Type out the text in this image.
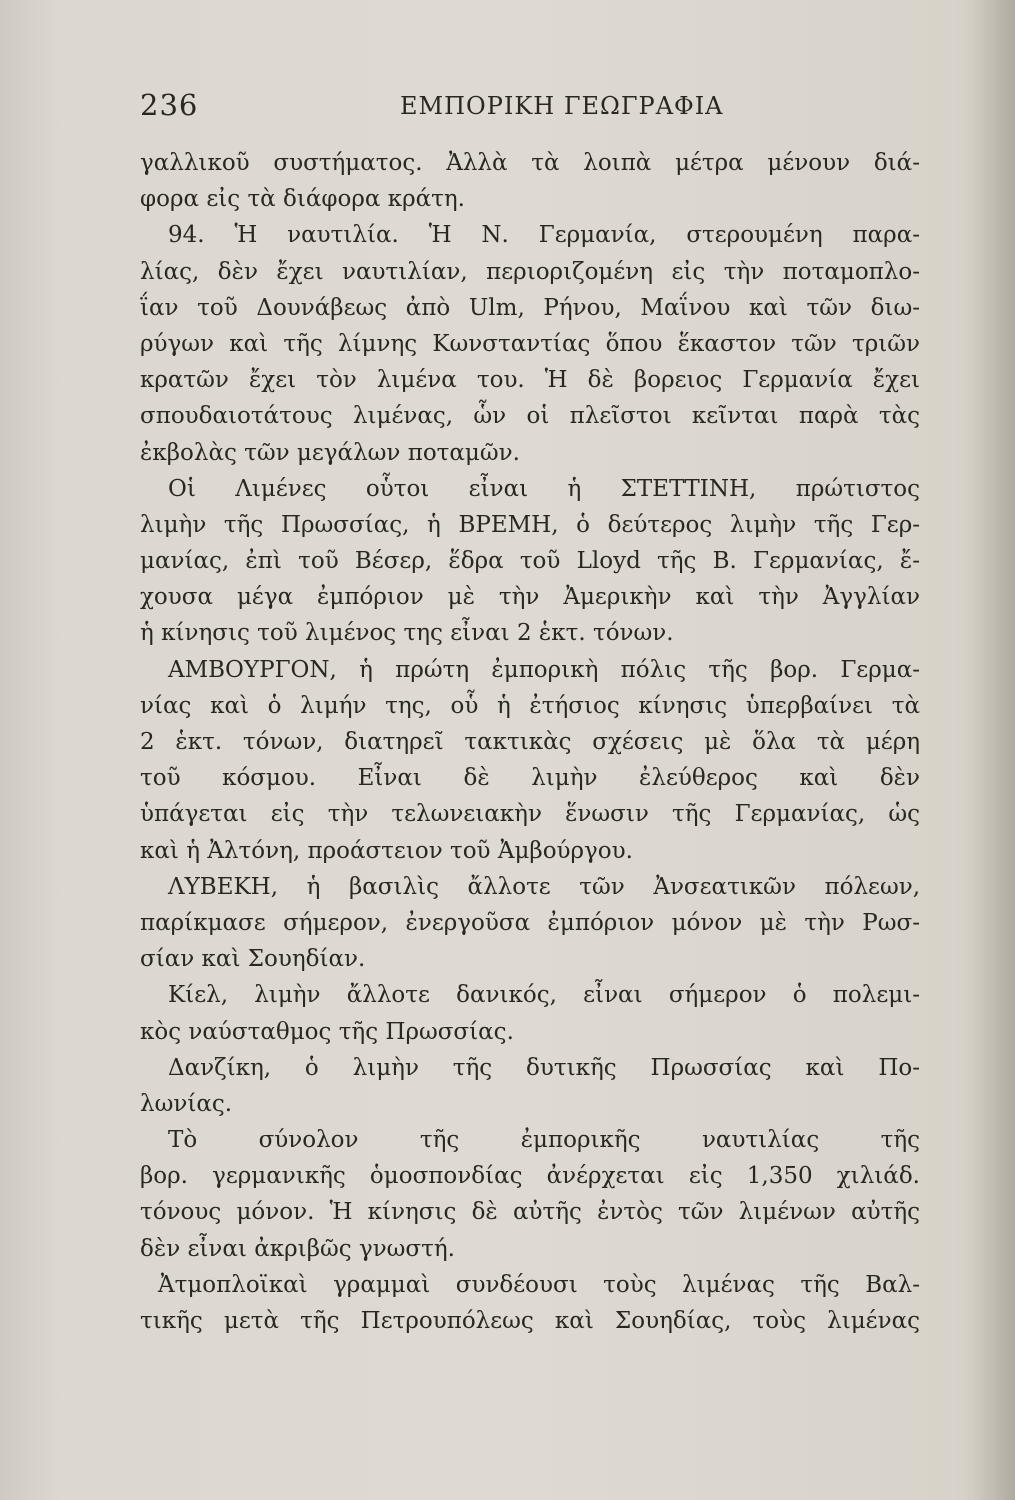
236	ΕΜΠΟΡΙΚΗ ΓΕΩΓΡΑΦΙΑ
γαλλικοῦ συστήματος. Ἀλλὰ τὰ λοιπὰ μέτρα μένουν διά-
φορα εἰς τὰ διάφορα κράτη.
94. Ἡ ναυτιλία. Ἡ Ν. Γερμανία, στερουμένη παρα-
λίας, δὲν ἔχει ναυτιλίαν, περιοριζομένη εἰς τὴν ποταμοπλο-
ΐαν τοῦ Δουνάβεως ἀπὸ Ulm, Ρήνου, Μαΐνου καὶ τῶν διω-
ρύγων καὶ τῆς λίμνης Κωνσταντίας ὅπου ἕκαστον τῶν τριῶν
κρατῶν ἔχει τὸν λιμένα του. Ἡ δὲ βορειος Γερμανία ἔχει
σπουδαιοτάτους λιμένας, ὧν οἱ πλεῖστοι κεῖνται παρὰ τὰς
ἐκβολὰς τῶν μεγάλων ποταμῶν.
Οἱ Λιμένες οὗτοι εἶναι ἡ ΣΤΕΤΤΙΝΗ, πρώτιστος
λιμὴν τῆς Πρωσσίας, ἡ ΒΡΕΜΗ, ὁ δεύτερος λιμὴν τῆς Γερ-
μανίας, ἐπὶ τοῦ Βέσερ, ἕδρα τοῦ Lloyd τῆς Β. Γερμανίας, ἔ-
χουσα μέγα ἐμπόριον μὲ τὴν Ἀμερικὴν καὶ τὴν Ἀγγλίαν
ἡ κίνησις τοῦ λιμένος της εἶναι 2 ἑκτ. τόνων.
ΑΜΒΟΥΡΓΟΝ, ἡ πρώτη ἐμπορικὴ πόλις τῆς βορ. Γερμα-
νίας καὶ ὁ λιμήν της, οὗ ἡ ἐτήσιος κίνησις ὑπερβαίνει τὰ
2 ἑκτ. τόνων, διατηρεῖ τακτικὰς σχέσεις μὲ ὅλα τὰ μέρη
τοῦ κόσμου. Εἶναι δὲ λιμὴν ἐλεύθερος καὶ δὲν
ὑπάγεται εἰς τὴν τελωνειακὴν ἕνωσιν τῆς Γερμανίας, ὡς
καὶ ἡ Ἀλτόνη, προάστειον τοῦ Ἀμβούργου.
ΛΥΒΕΚΗ, ἡ βασιλὶς ἄλλοτε τῶν Ἀνσεατικῶν πόλεων,
παρίκμασε σήμερον, ἐνεργοῦσα ἐμπόριον μόνον μὲ τὴν Ρωσ-
σίαν καὶ Σουηδίαν.
Κίελ, λιμὴν ἄλλοτε δανικός, εἶναι σήμερον ὁ πολεμι-
κὸς ναύσταθμος τῆς Πρωσσίας.
Δανζίκη, ὁ λιμὴν τῆς δυτικῆς Πρωσσίας καὶ Πο-
λωνίας.
Τὸ σύνολον τῆς ἐμπορικῆς ναυτιλίας τῆς
βορ. γερμανικῆς ὁμοσπονδίας ἀνέρχεται εἰς 1,350 χιλιάδ.
τόνους μόνον. Ἡ κίνησις δὲ αὐτῆς ἐντὸς τῶν λιμένων αὐτῆς
δὲν εἶναι ἀκριβῶς γνωστή.
Ἀτμοπλοϊκαὶ γραμμαὶ συνδέουσι τοὺς λιμένας τῆς Βαλ-
τικῆς μετὰ τῆς Πετρουπόλεως καὶ Σουηδίας, τοὺς λιμένας
